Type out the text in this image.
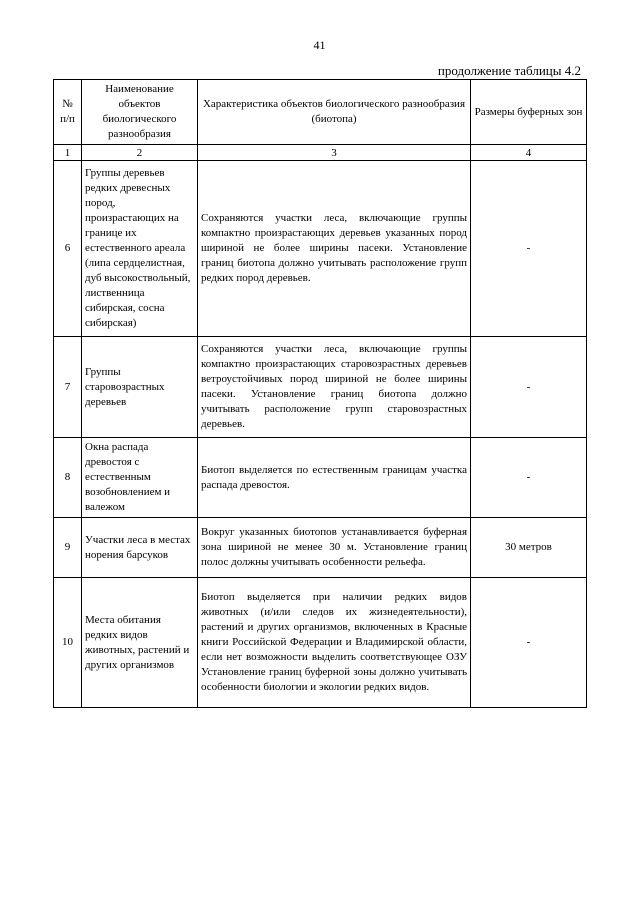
41
продолжение таблицы 4.2
№ п/п	Наименование объектов биологического разнообразия	Характеристика объектов биологического разнообразия (биотопа)	Размеры буферных зон
1	2	3	4
6	Группы деревьев редких древесных пород, произрастающих на границе их естественного ареала (липа сердцелистная, дуб высокоствольный, лиственница сибирская, сосна сибирская)	Сохраняются участки леса, включающие группы компактно произрастающих деревьев указанных пород шириной не более ширины пасеки. Установление границ биотопа должно учитывать расположение групп редких пород деревьев.	-
7	Группы старовозрастных деревьев	Сохраняются участки леса, включающие группы компактно произрастающих старовозрастных деревьев ветроустойчивых пород шириной не более ширины пасеки. Установление границ биотопа должно учитывать расположение групп старовозрастных деревьев.	-
8	Окна распада древостоя с естественным возобновлением и валежом	Биотоп выделяется по естественным границам участка распада древостоя.	-
9	Участки леса в местах норения барсуков	Вокруг указанных биотопов устанавливается буферная зона шириной не менее 30 м. Установление границ полос должны учитывать особенности рельефа.	30 метров
10	Места обитания редких видов животных, растений и других организмов	Биотоп выделяется при наличии редких видов животных (и/или следов их жизнедеятельности), растений и других организмов, включенных в Красные книги Российской Федерации и Владимирской области, если нет возможности выделить соответствующее ОЗУ Установление границ буферной зоны должно учитывать особенности биологии и экологии редких видов.	-
